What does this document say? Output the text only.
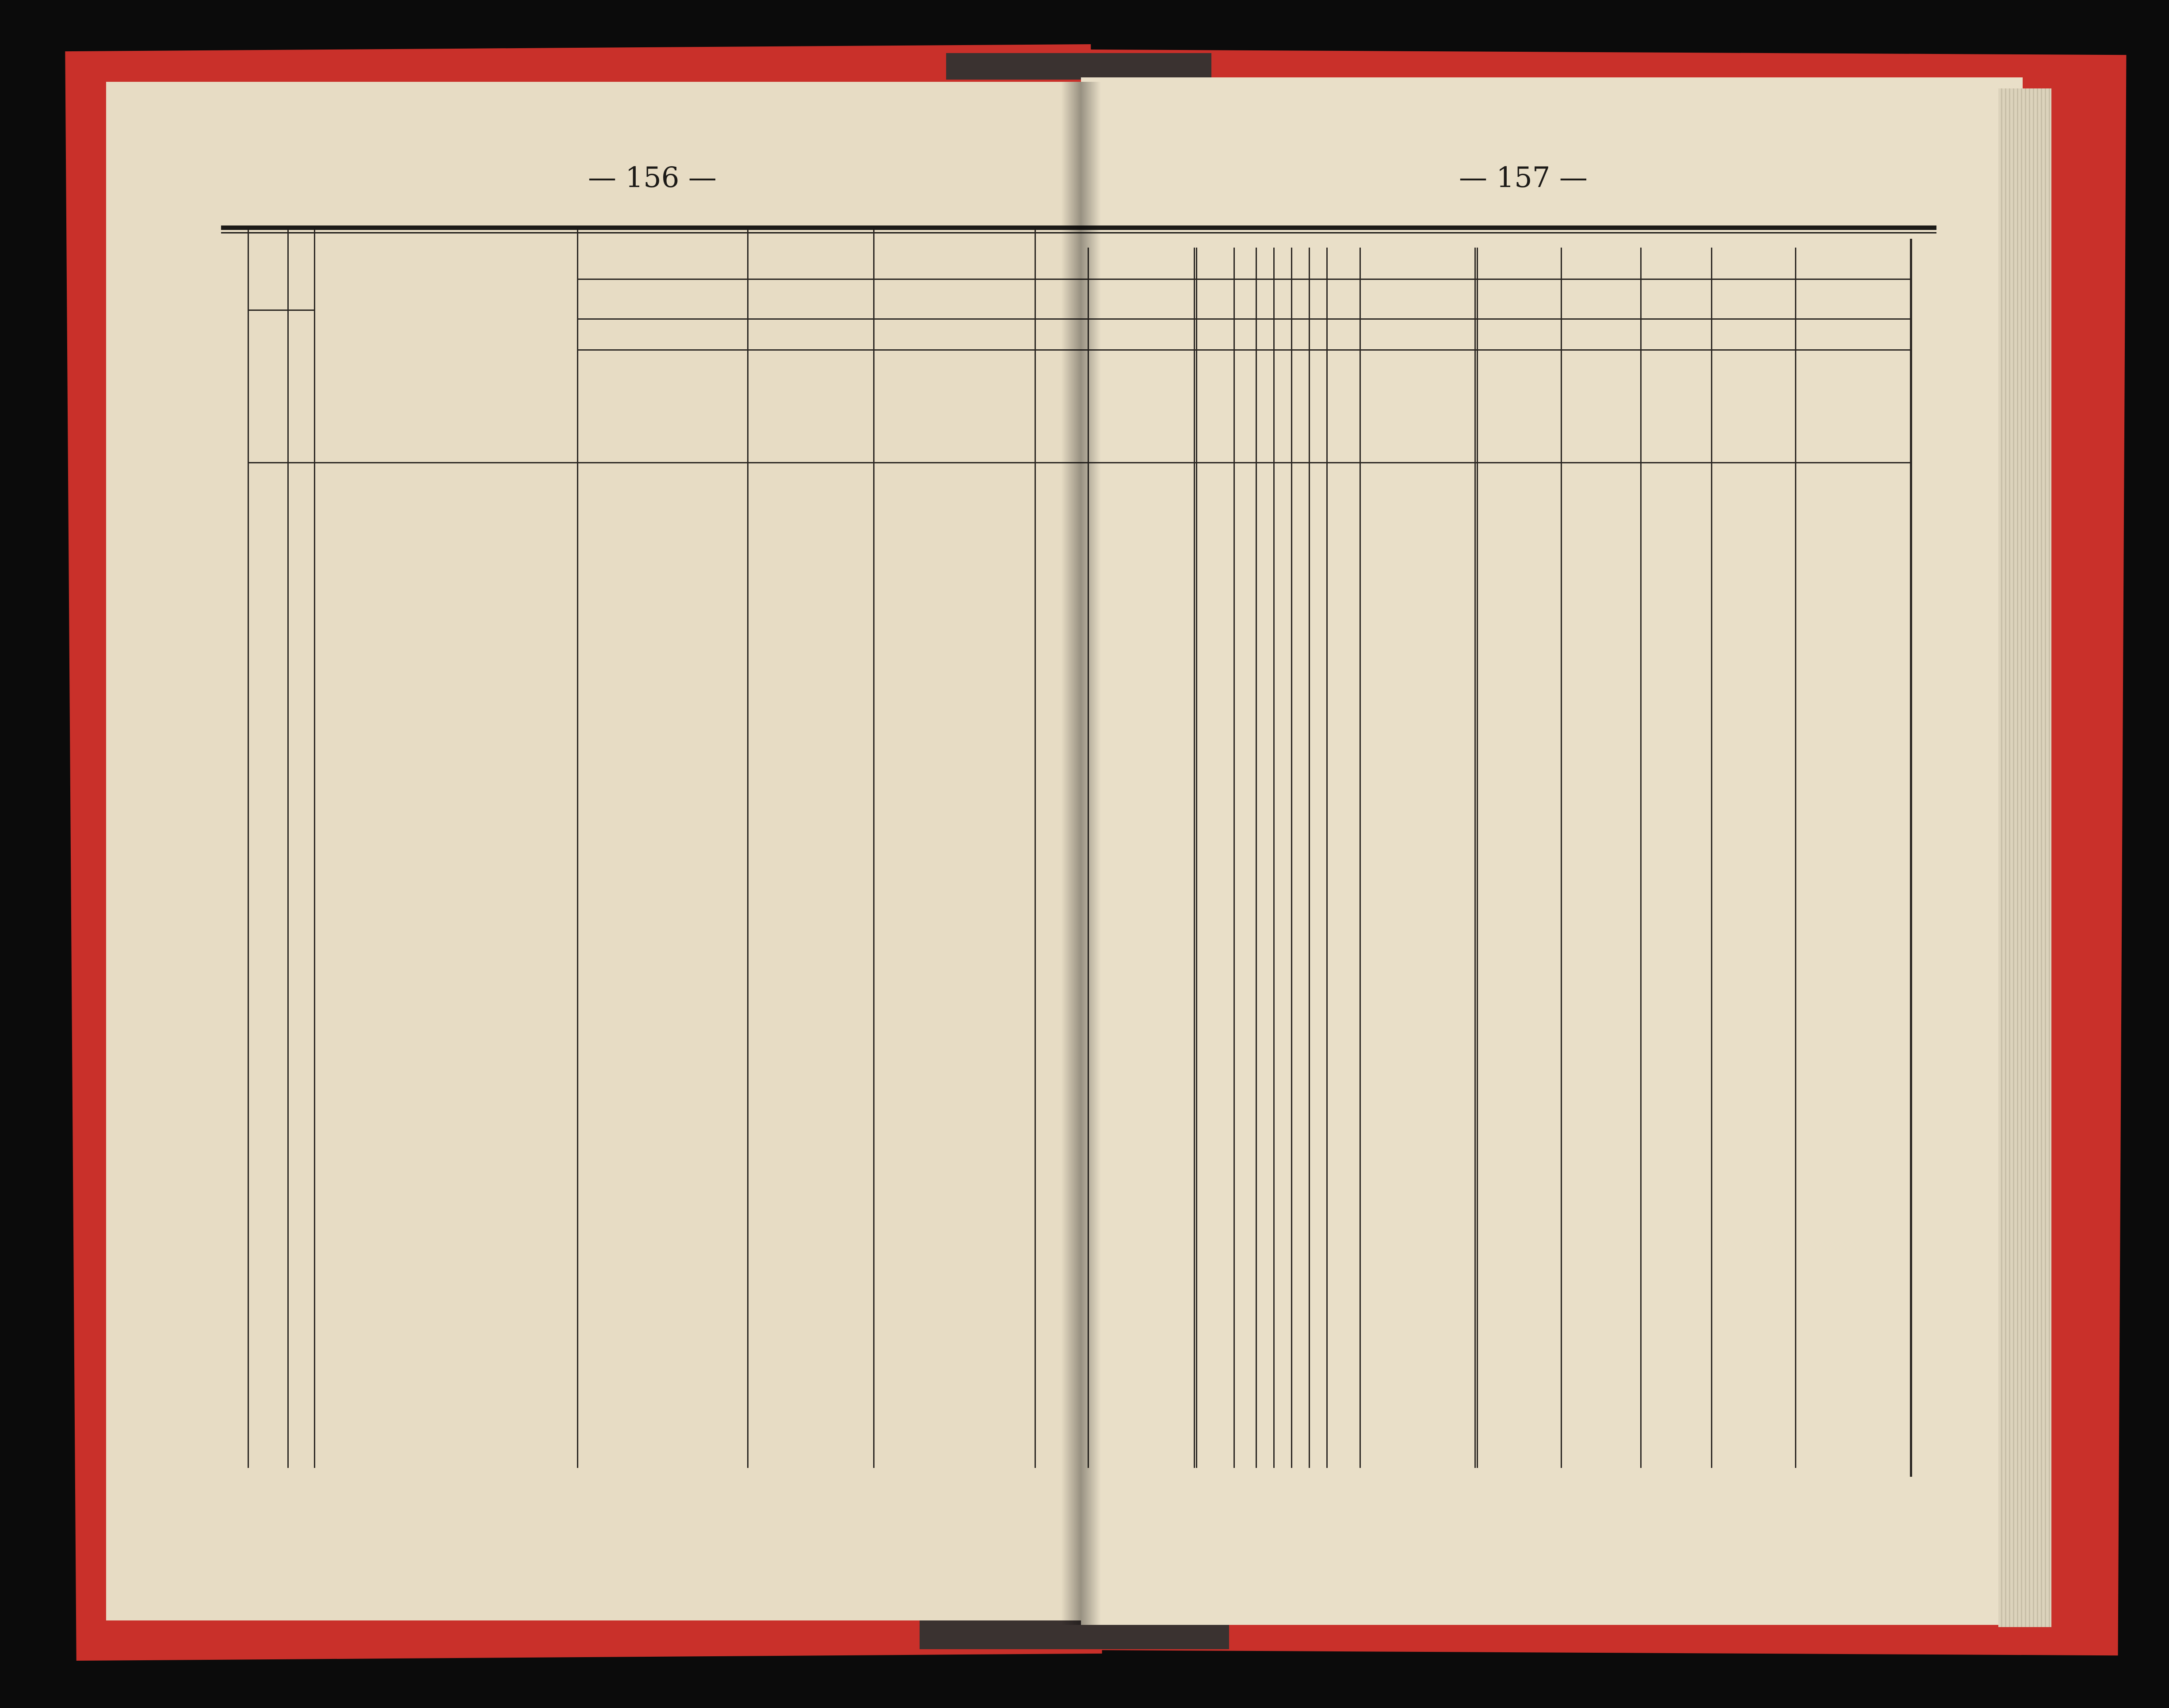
— 156 —	— 157 —
